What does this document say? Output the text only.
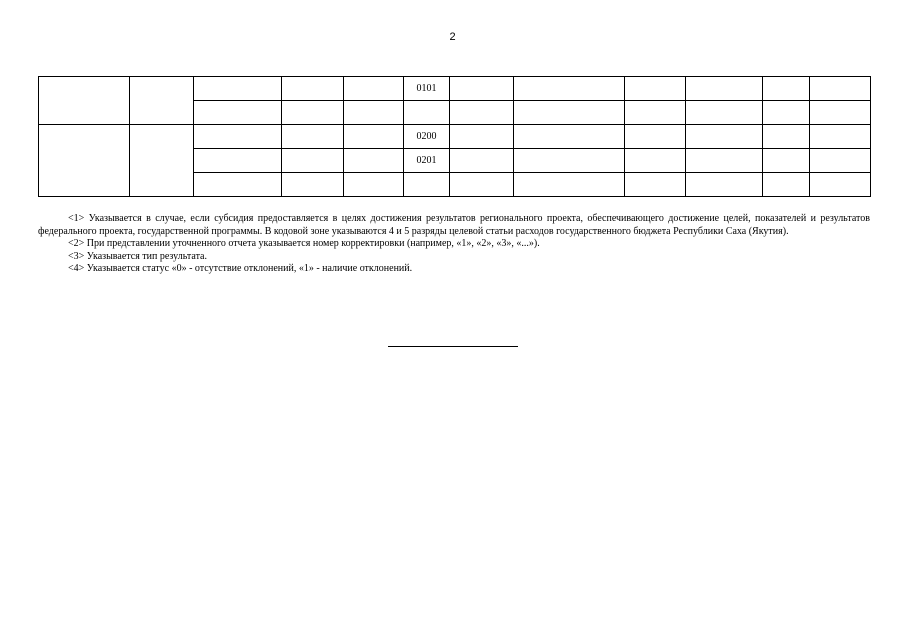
2
					0101						

					0200						
					0201						

<1> Указывается в случае, если субсидия предоставляется в целях достижения результатов регионального проекта, обеспечивающего достижение целей, показателей и результатов федерального проекта, государственной программы. В кодовой зоне указываются 4 и 5 разряды целевой статьи расходов государственного бюджета Республики Саха (Якутия).

<2> При представлении уточненного отчета указывается номер корректировки (например, «1», «2», «3», «...»).

<3> Указывается тип результата.

<4> Указывается статус «0» - отсутствие отклонений, «1» - наличие отклонений.
